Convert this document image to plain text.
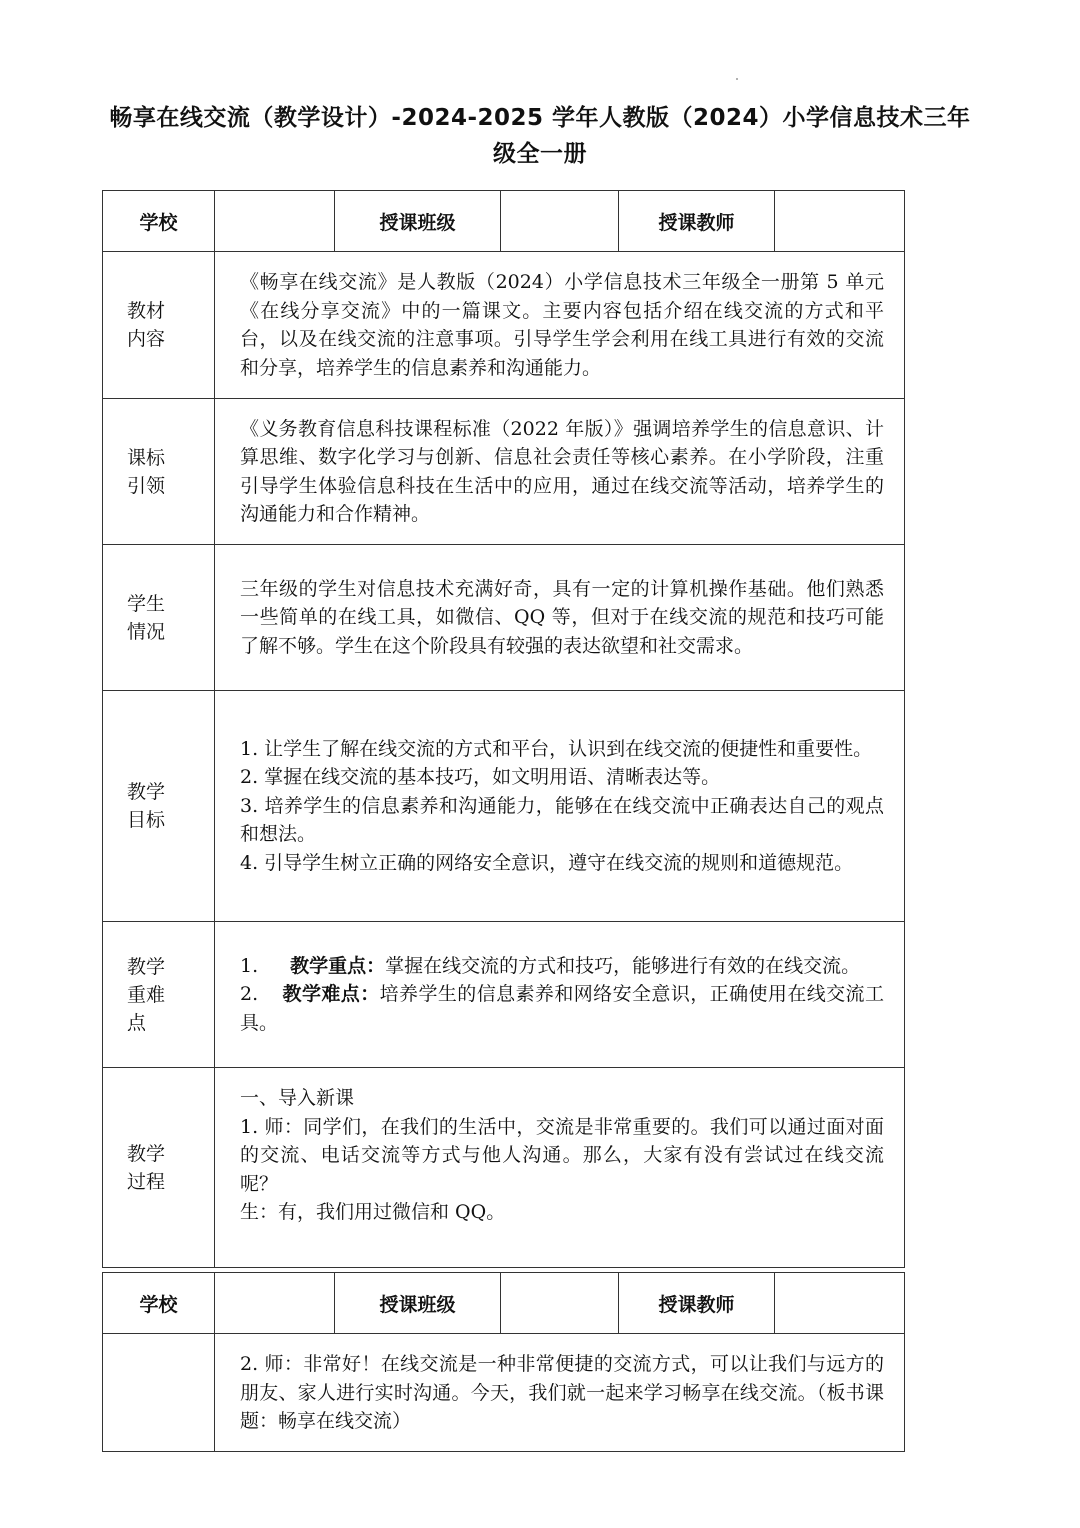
畅享在线交流（教学设计）-2024-2025 学年人教版（2024）小学信息技术三年
级全一册
学校		授课班级		授课教师	

教材内容	《畅享在线交流》是人教版（2024）小学信息技术三年级全一册第 5 单元《在线分享交流》中的一篇课文。主要内容包括介绍在线交流的方式和平台，以及在线交流的注意事项。引导学生学会利用在线工具进行有效的交流和分享，培养学生的信息素养和沟通能力。				

课标引领	《义务教育信息科技课程标准（2022 年版）》强调培养学生的信息意识、计算思维、数字化学习与创新、信息社会责任等核心素养。在小学阶段，注重引导学生体验信息科技在生活中的应用，通过在线交流等活动，培养学生的沟通能力和合作精神。				

学生情况	三年级的学生对信息技术充满好奇，具有一定的计算机操作基础。他们熟悉一些简单的在线工具，如微信、QQ 等，但对于在线交流的规范和技巧可能了解不够。学生在这个阶段具有较强的表达欲望和社交需求。				

教学目标	1. 让学生了解在线交流的方式和平台，认识到在线交流的便捷性和重要性。

2. 掌握在线交流的基本技巧，如文明用语、清晰表达等。

3. 培养学生的信息素养和沟通能力，能够在在线交流中正确表达自己的观点和想法。

4. 引导学生树立正确的网络安全意识，遵守在线交流的规则和道德规范。				

教学重难点	1. 教学重点：掌握在线交流的方式和技巧，能够进行有效的在线交流。

2. 教学难点：培养学生的信息素养和网络安全意识，正确使用在线交流工具。				

教学过程	一、导入新课

1. 师：同学们，在我们的生活中，交流是非常重要的。我们可以通过面对面的交流、电话交流等方式与他人沟通。那么，大家有没有尝试过在线交流呢？

生：有，我们用过微信和 QQ。				

学校		授课班级		授课教师	

	2. 师：非常好！在线交流是一种非常便捷的交流方式，可以让我们与远方的朋友、家人进行实时沟通。今天，我们就一起来学习畅享在线交流。（板书课题：畅享在线交流）				
